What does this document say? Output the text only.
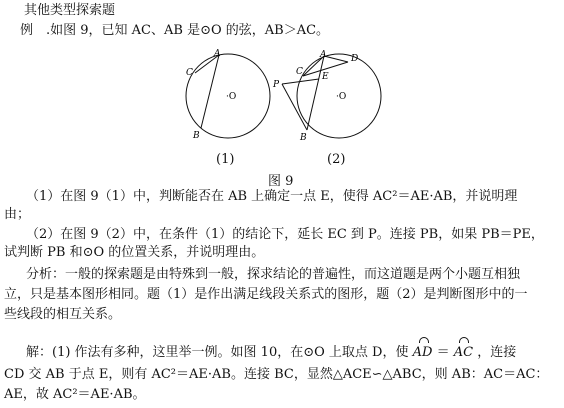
其他类型探索题
例　.如图 9，已知 AC、AB 是⊙O 的弦，AB＞AC。
A
C
B
·O
A	D
C E
P
B
·O
(1)	(2)
图 9
（1）在图 9（1）中，判断能否在 AB 上确定一点 E，使得 AC²＝AE·AB，并说明理
由；
（2）在图 9（2）中，在条件（1）的结论下，延长 EC 到 P。连接 PB，如果 PB＝PE，
试判断 PB 和⊙O 的位置关系，并说明理由。
分析：一般的探索题是由特殊到一般，探求结论的普遍性，而这道题是两个小题互相独
立，只是基本图形相同。题（1）是作出满足线段关系式的图形，题（2）是判断图形中的一
些线段的相互关系。
解：(1) 作法有多种，这里举一例。如图 10，在⊙O 上取点 D，使 AD ＝ AC ，连接
CD 交 AB 于点 E，则有 AC²＝AE·AB。连接 BC，显然△ACE∽△ABC，则 AB：AC＝AC：
AE，故 AC²＝AE·AB。
